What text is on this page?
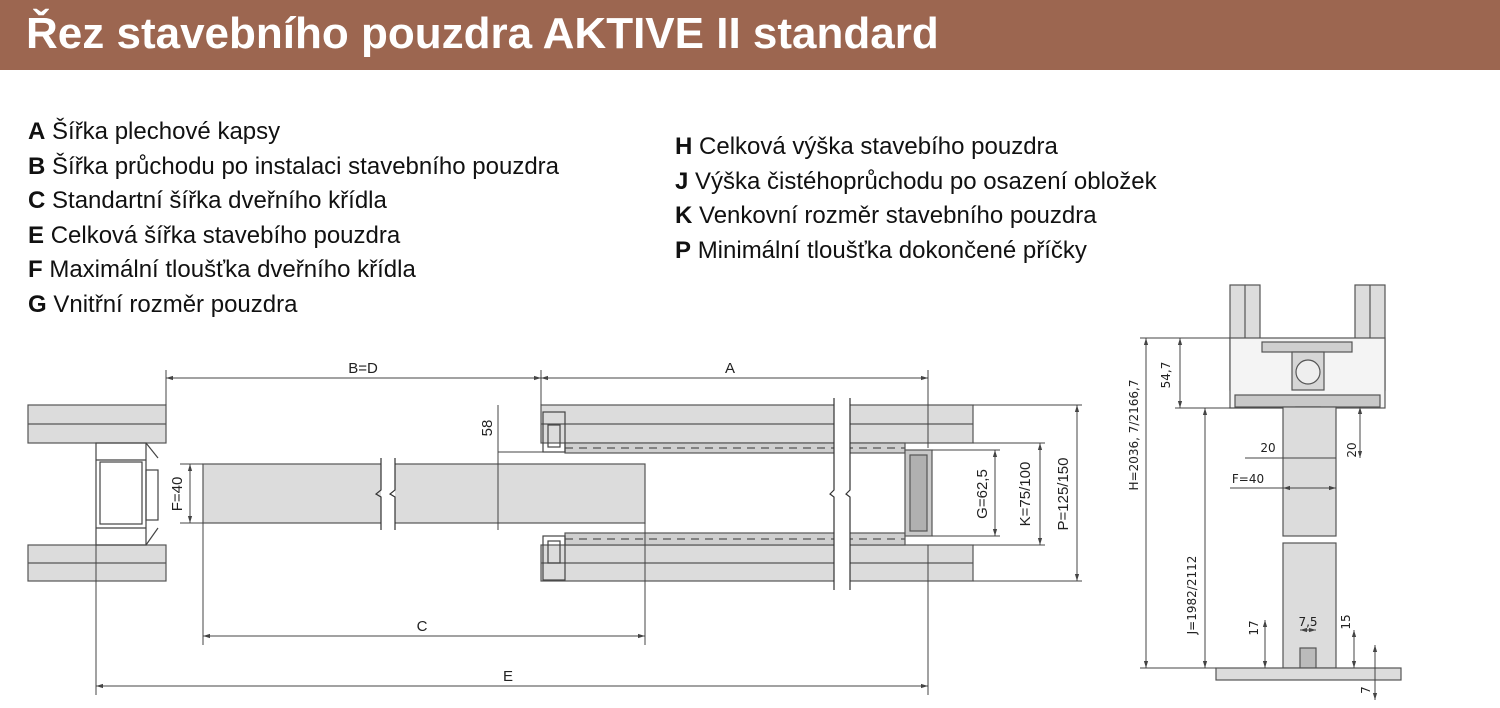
Řez stavebního pouzdra AKTIVE II standard
A Šířka plechové kapsy
B Šířka průchodu po instalaci stavebního pouzdra
C Standartní šířka dveřního křídla
E Celková šířka stavebího pouzdra
F Maximální tloušťka dveřního křídla
G Vnitřní rozměr pouzdra
H Celková výška stavebího pouzdra
J Výška čistéhoprůchodu po osazení obložek
K Venkovní rozměr stavebního pouzdra
P Minimální tloušťka dokončené příčky
B=D	A
C
E
F=40
58
G=62,5 K=75/100 P=125/150
H=2036, 7/2166,7
54,7
20	20
F=40
J=1982/2112	17	7,5 15
7
